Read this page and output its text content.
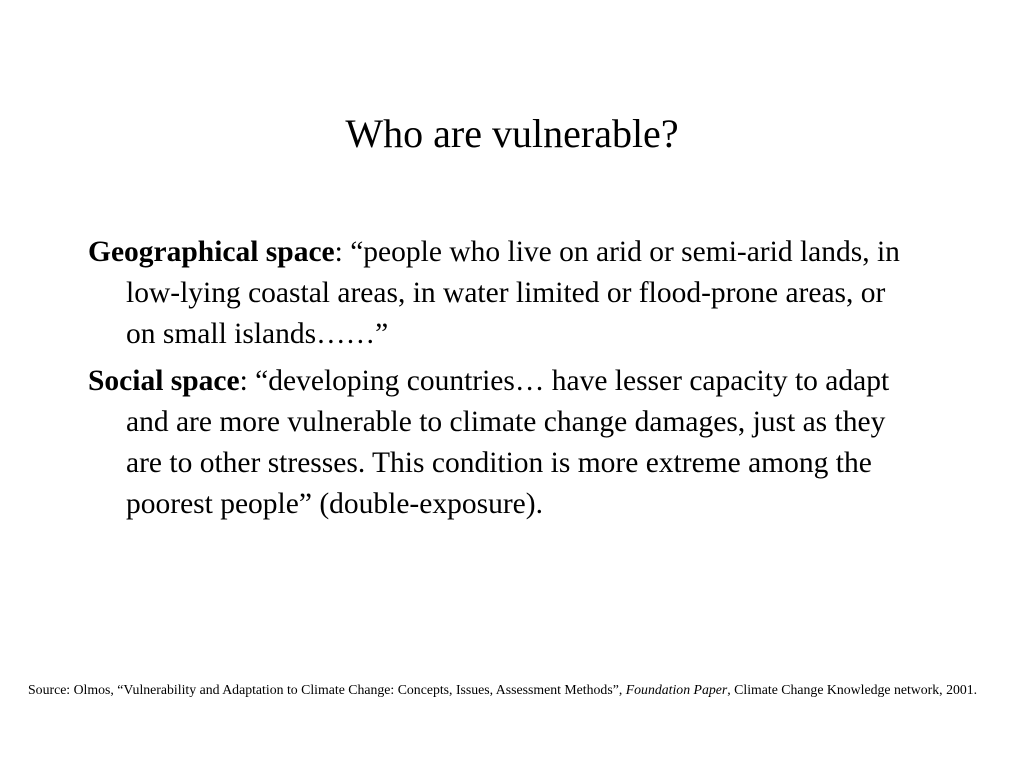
Who are vulnerable?

Geographical space: “people who live on arid or semi-arid lands, in low-lying coastal areas, in water limited or flood-prone areas, or on small islands……”

Social space: “developing countries… have lesser capacity to adapt and are more vulnerable to climate change damages, just as they are to other stresses. This condition is more extreme among the poorest people” (double-exposure).

Source: Olmos, “Vulnerability and Adaptation to Climate Change: Concepts, Issues, Assessment Methods”, Foundation Paper, Climate Change Knowledge network, 2001.
